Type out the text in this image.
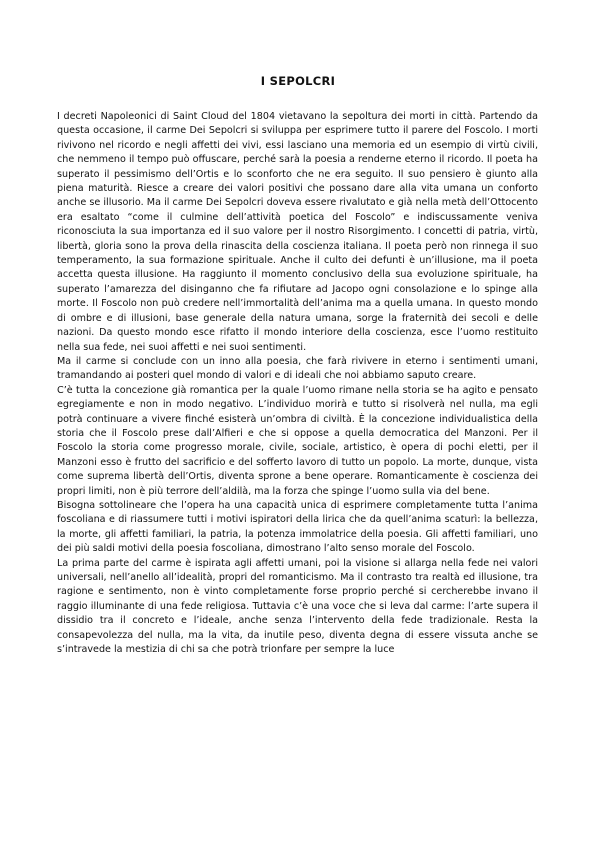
I SEPOLCRI

I decreti Napoleonici di Saint Cloud del 1804 vietavano la sepoltura dei morti in città. Partendo da questa occasione, il carme Dei Sepolcri si sviluppa per esprimere tutto il parere del Foscolo. I morti rivivono nel ricordo e negli affetti dei vivi, essi lasciano una memoria ed un esempio di virtù civili, che nemmeno il tempo può offuscare, perché sarà la poesia a renderne eterno il ricordo. Il poeta ha superato il pessimismo dell’Ortis e lo sconforto che ne era seguito. Il suo pensiero è giunto alla piena maturità. Riesce a creare dei valori positivi che possano dare alla vita umana un conforto anche se illusorio. Ma il carme Dei Sepolcri doveva essere rivalutato e già nella metà dell’Ottocento era esaltato “come il culmine dell’attività poetica del Foscolo” e indiscussamente veniva riconosciuta la sua importanza ed il suo valore per il nostro Risorgimento. I concetti di patria, virtù, libertà, gloria sono la prova della rinascita della coscienza italiana. Il poeta però non rinnega il suo temperamento, la sua formazione spirituale. Anche il culto dei defunti è un’illusione, ma il poeta accetta questa illusione. Ha raggiunto il momento conclusivo della sua evoluzione spirituale, ha superato l’amarezza del disinganno che fa rifiutare ad Jacopo ogni consolazione e lo spinge alla morte. Il Foscolo non può credere nell’immortalità dell’anima ma a quella umana. In questo mondo di ombre e di illusioni, base generale della natura umana, sorge la fraternità dei secoli e delle nazioni. Da questo mondo esce rifatto il mondo interiore della coscienza, esce l’uomo restituito nella sua fede, nei suoi affetti e nei suoi sentimenti.

Ma il carme si conclude con un inno alla poesia, che farà rivivere in eterno i sentimenti umani, tramandando ai posteri quel mondo di valori e di ideali che noi abbiamo saputo creare.

C’è tutta la concezione già romantica per la quale l’uomo rimane nella storia se ha agito e pensato egregiamente e non in modo negativo. L’individuo morirà e tutto si risolverà nel nulla, ma egli potrà continuare a vivere finché esisterà un’ombra di civiltà. È la concezione individualistica della storia che il Foscolo prese dall’Alfieri e che si oppose a quella democratica del Manzoni. Per il Foscolo la storia come progresso morale, civile, sociale, artistico, è opera di pochi eletti, per il Manzoni esso è frutto del sacrificio e del sofferto lavoro di tutto un popolo. La morte, dunque, vista come suprema libertà dell’Ortis, diventa sprone a bene operare. Romanticamente è coscienza dei propri limiti, non è più terrore dell’aldilà, ma la forza che spinge l’uomo sulla via del bene.

Bisogna sottolineare che l’opera ha una capacità unica di esprimere completamente tutta l’anima foscoliana e di riassumere tutti i motivi ispiratori della lirica che da quell’anima scaturì: la bellezza, la morte, gli affetti familiari, la patria, la potenza immolatrice della poesia. Gli affetti familiari, uno dei più saldi motivi della poesia foscoliana, dimostrano l’alto senso morale del Foscolo.

La prima parte del carme è ispirata agli affetti umani, poi la visione si allarga nella fede nei valori universali, nell’anello all’idealità, propri del romanticismo. Ma il contrasto tra realtà ed illusione, tra ragione e sentimento, non è vinto completamente forse proprio perché si cercherebbe invano il raggio illuminante di una fede religiosa. Tuttavia c’è una voce che si leva dal carme: l’arte supera il dissidio tra il concreto e l’ideale, anche senza l’intervento della fede tradizionale. Resta la consapevolezza del nulla, ma la vita, da inutile peso, diventa degna di essere vissuta anche se s’intravede la mestizia di chi sa che potrà trionfare per sempre la luce
